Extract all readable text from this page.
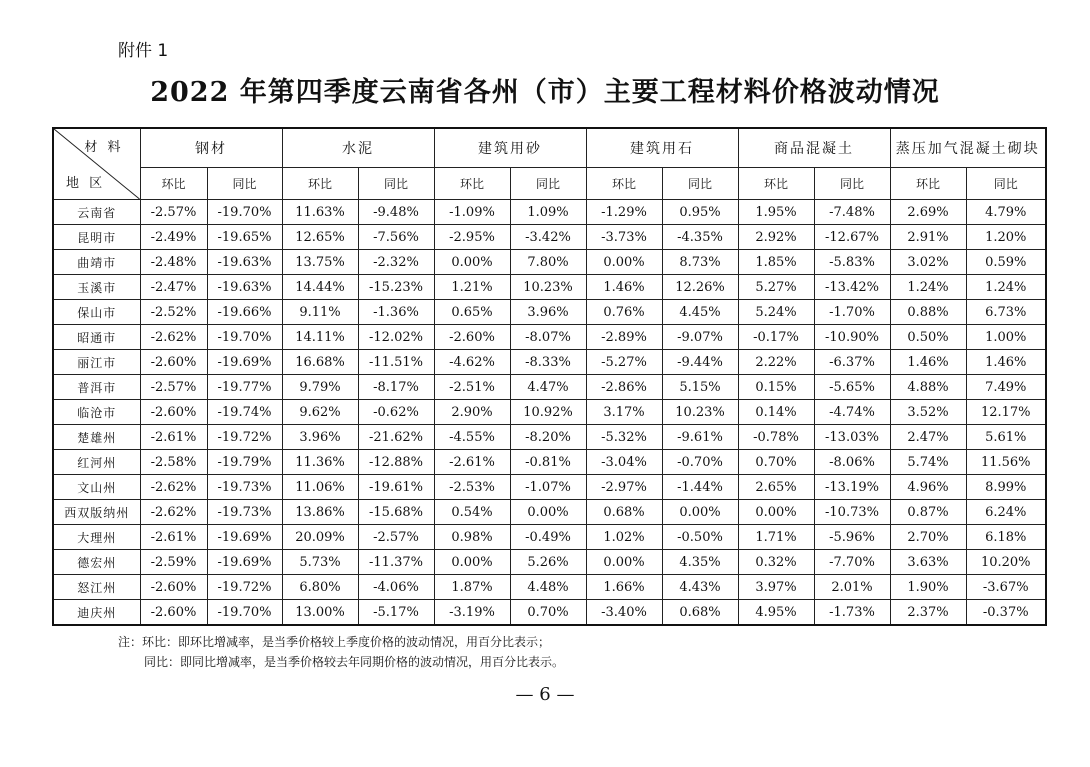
附件 1
2022 年第四季度云南省各州（市）主要工程材料价格波动情况
材 料
地 区	钢材		水泥		建筑用砂		建筑用石		商品混凝土		蒸压加气混凝土砌块	
	环比	同比	环比	同比	环比	同比	环比	同比	环比	同比	环比	同比
云南省	-2.57%	-19.70%	11.63%	-9.48%	-1.09%	1.09%	-1.29%	0.95%	1.95%	-7.48%	2.69%	4.79%
昆明市	-2.49%	-19.65%	12.65%	-7.56%	-2.95%	-3.42%	-3.73%	-4.35%	2.92%	-12.67%	2.91%	1.20%
曲靖市	-2.48%	-19.63%	13.75%	-2.32%	0.00%	7.80%	0.00%	8.73%	1.85%	-5.83%	3.02%	0.59%
玉溪市	-2.47%	-19.63%	14.44%	-15.23%	1.21%	10.23%	1.46%	12.26%	5.27%	-13.42%	1.24%	1.24%
保山市	-2.52%	-19.66%	9.11%	-1.36%	0.65%	3.96%	0.76%	4.45%	5.24%	-1.70%	0.88%	6.73%
昭通市	-2.62%	-19.70%	14.11%	-12.02%	-2.60%	-8.07%	-2.89%	-9.07%	-0.17%	-10.90%	0.50%	1.00%
丽江市	-2.60%	-19.69%	16.68%	-11.51%	-4.62%	-8.33%	-5.27%	-9.44%	2.22%	-6.37%	1.46%	1.46%
普洱市	-2.57%	-19.77%	9.79%	-8.17%	-2.51%	4.47%	-2.86%	5.15%	0.15%	-5.65%	4.88%	7.49%
临沧市	-2.60%	-19.74%	9.62%	-0.62%	2.90%	10.92%	3.17%	10.23%	0.14%	-4.74%	3.52%	12.17%
楚雄州	-2.61%	-19.72%	3.96%	-21.62%	-4.55%	-8.20%	-5.32%	-9.61%	-0.78%	-13.03%	2.47%	5.61%
红河州	-2.58%	-19.79%	11.36%	-12.88%	-2.61%	-0.81%	-3.04%	-0.70%	0.70%	-8.06%	5.74%	11.56%
文山州	-2.62%	-19.73%	11.06%	-19.61%	-2.53%	-1.07%	-2.97%	-1.44%	2.65%	-13.19%	4.96%	8.99%
西双版纳州	-2.62%	-19.73%	13.86%	-15.68%	0.54%	0.00%	0.68%	0.00%	0.00%	-10.73%	0.87%	6.24%
大理州	-2.61%	-19.69%	20.09%	-2.57%	0.98%	-0.49%	1.02%	-0.50%	1.71%	-5.96%	2.70%	6.18%
德宏州	-2.59%	-19.69%	5.73%	-11.37%	0.00%	5.26%	0.00%	4.35%	0.32%	-7.70%	3.63%	10.20%
怒江州	-2.60%	-19.72%	6.80%	-4.06%	1.87%	4.48%	1.66%	4.43%	3.97%	2.01%	1.90%	-3.67%
迪庆州	-2.60%	-19.70%	13.00%	-5.17%	-3.19%	0.70%	-3.40%	0.68%	4.95%	-1.73%	2.37%	-0.37%
注：环比：即环比增减率，是当季价格较上季度价格的波动情况，用百分比表示；
同比：即同比增减率，是当季价格较去年同期价格的波动情况，用百分比表示。
— 6 —
